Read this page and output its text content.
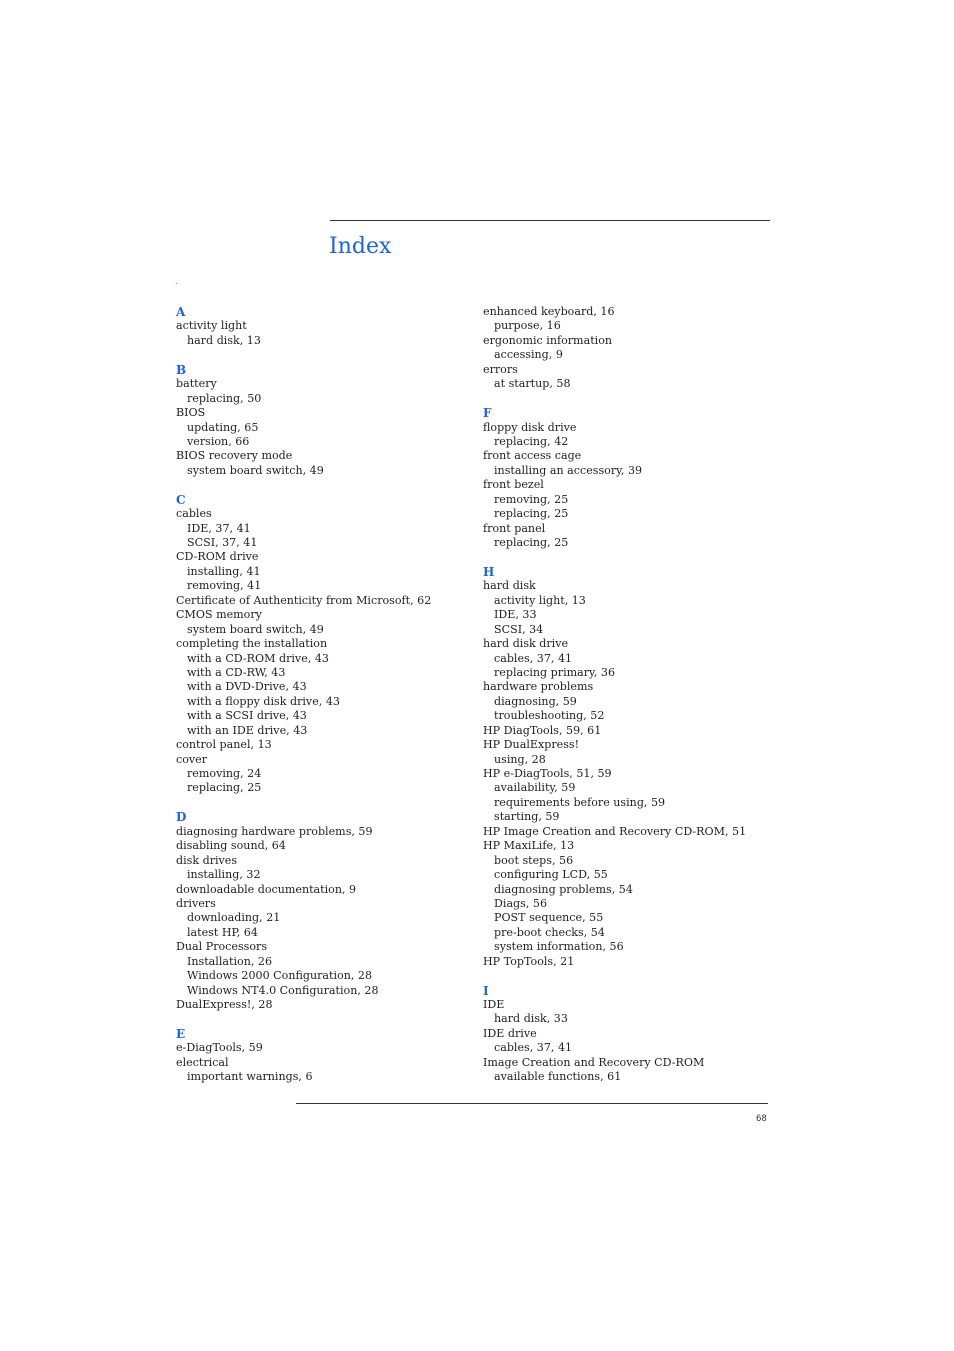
Index
.
A
activity light
hard disk, 13
B
battery
replacing, 50
BIOS
updating, 65
version, 66
BIOS recovery mode
system board switch, 49
C
cables
IDE, 37, 41
SCSI, 37, 41
CD-ROM drive
installing, 41
removing, 41
Certificate of Authenticity from Microsoft, 62
CMOS memory
system board switch, 49
completing the installation
with a CD-ROM drive, 43
with a CD-RW, 43
with a DVD-Drive, 43
with a floppy disk drive, 43
with a SCSI drive, 43
with an IDE drive, 43
control panel, 13
cover
removing, 24
replacing, 25
D
diagnosing hardware problems, 59
disabling sound, 64
disk drives
installing, 32
downloadable documentation, 9
drivers
downloading, 21
latest HP, 64
Dual Processors
Installation, 26
Windows 2000 Configuration, 28
Windows NT4.0 Configuration, 28
DualExpress!, 28
E
e-DiagTools, 59
electrical
important warnings, 6
enhanced keyboard, 16
purpose, 16
ergonomic information
accessing, 9
errors
at startup, 58
F
floppy disk drive
replacing, 42
front access cage
installing an accessory, 39
front bezel
removing, 25
replacing, 25
front panel
replacing, 25
H
hard disk
activity light, 13
IDE, 33
SCSI, 34
hard disk drive
cables, 37, 41
replacing primary, 36
hardware problems
diagnosing, 59
troubleshooting, 52
HP DiagTools, 59, 61
HP DualExpress!
using, 28
HP e-DiagTools, 51, 59
availability, 59
requirements before using, 59
starting, 59
HP Image Creation and Recovery CD-ROM, 51
HP MaxiLife, 13
boot steps, 56
configuring LCD, 55
diagnosing problems, 54
Diags, 56
POST sequence, 55
pre-boot checks, 54
system information, 56
HP TopTools, 21
I
IDE
hard disk, 33
IDE drive
cables, 37, 41
Image Creation and Recovery CD-ROM
available functions, 61
68
